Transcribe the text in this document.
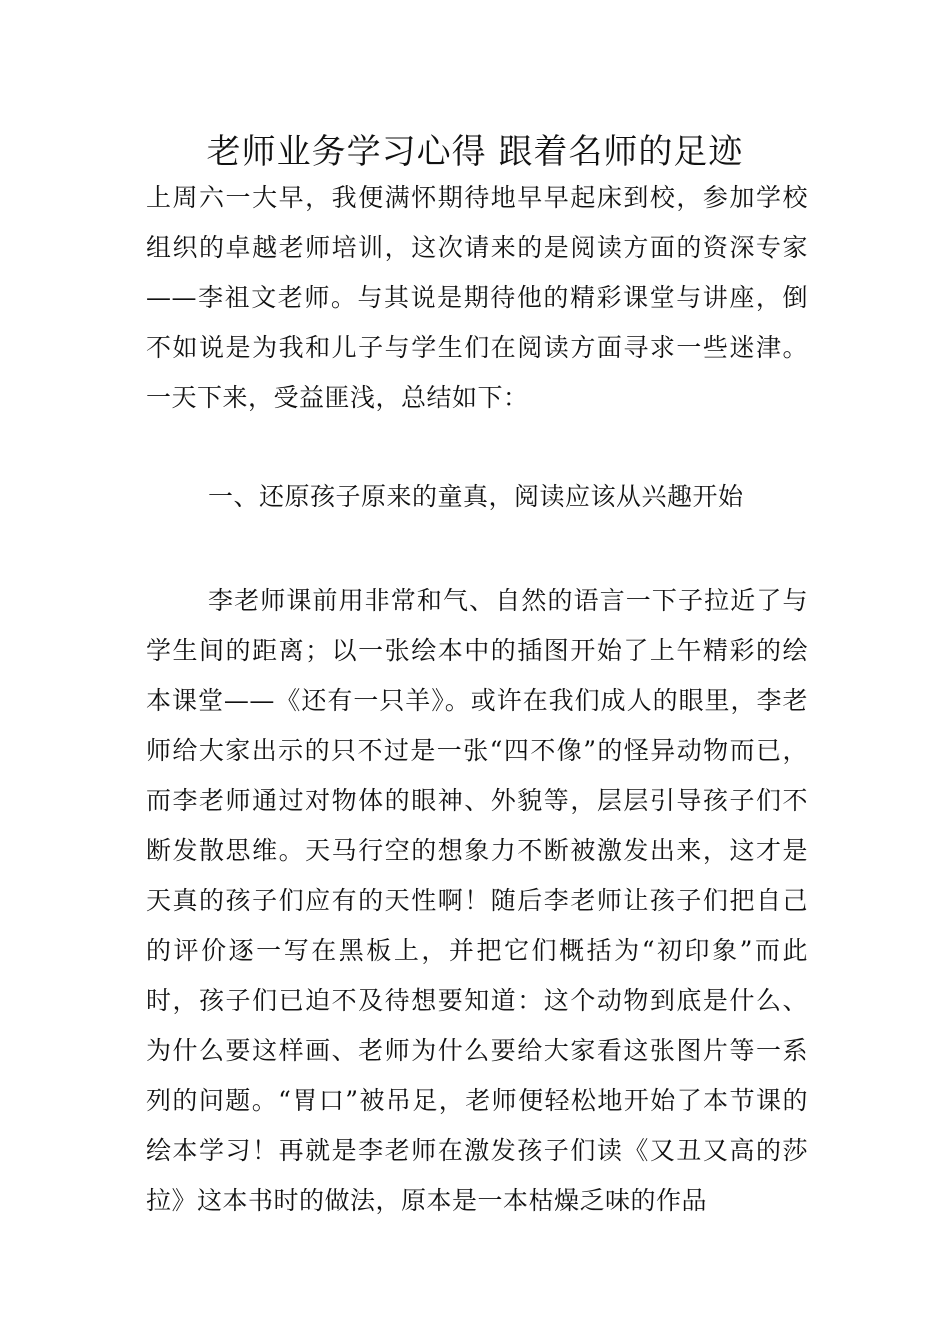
老师业务学习心得 跟着名师的足迹

上周六一大早，我便满怀期待地早早起床到校，参加学校组织的卓越老师培训，这次请来的是阅读方面的资深专家——李祖文老师。与其说是期待他的精彩课堂与讲座，倒不如说是为我和儿子与学生们在阅读方面寻求一些迷津。一天下来，受益匪浅，总结如下：

一、还原孩子原来的童真，阅读应该从兴趣开始

李老师课前用非常和气、自然的语言一下子拉近了与学生间的距离；以一张绘本中的插图开始了上午精彩的绘本课堂——《还有一只羊》。或许在我们成人的眼里，李老师给大家出示的只不过是一张“四不像”的怪异动物而已，而李老师通过对物体的眼神、外貌等，层层引导孩子们不断发散思维。天马行空的想象力不断被激发出来，这才是天真的孩子们应有的天性啊！随后李老师让孩子们把自己的评价逐一写在黑板上，并把它们概括为“初印象”而此时，孩子们已迫不及待想要知道：这个动物到底是什么、为什么要这样画、老师为什么要给大家看这张图片等一系列的问题。“胃口”被吊足，老师便轻松地开始了本节课的绘本学习！再就是李老师在激发孩子们读《又丑又高的莎拉》这本书时的做法，原本是一本枯燥乏味的作品
